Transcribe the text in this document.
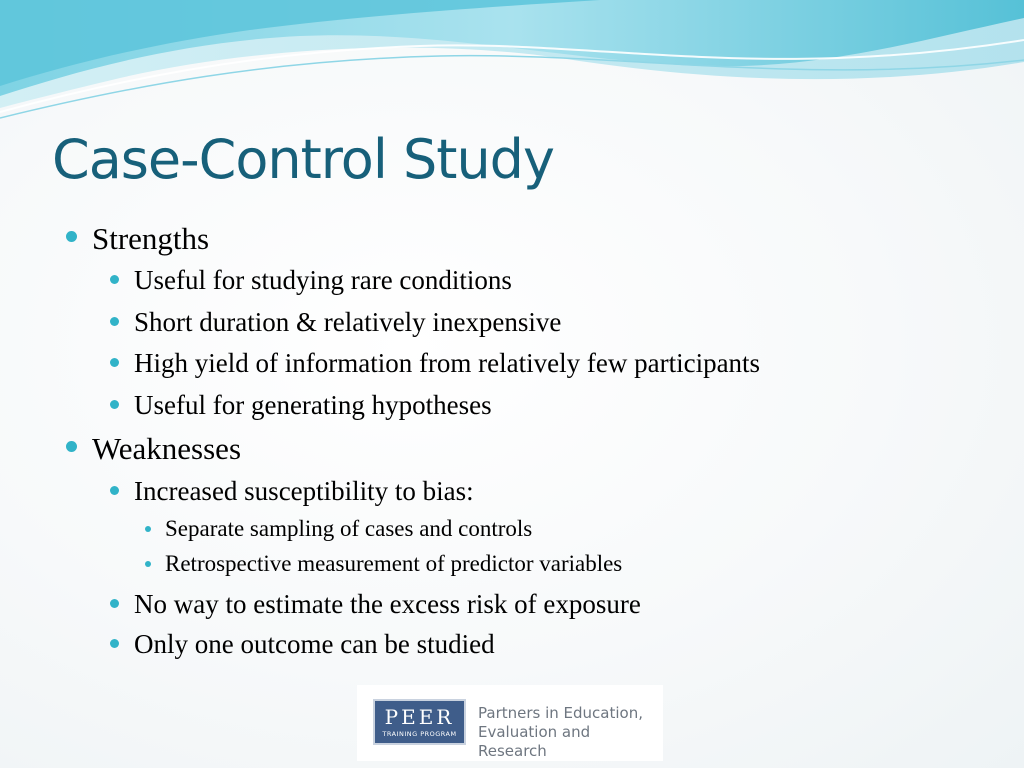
Case-Control Study
Strengths
Useful for studying rare conditions
Short duration & relatively inexpensive
High yield of information from relatively few participants
Useful for generating hypotheses
Weaknesses
Increased susceptibility to bias:
Separate sampling of cases and controls
Retrospective measurement of predictor variables
No way to estimate the excess risk of exposure
Only one outcome can be studied
PEER
TRAINING PROGRAM
Partners in Education,
Evaluation and Research
